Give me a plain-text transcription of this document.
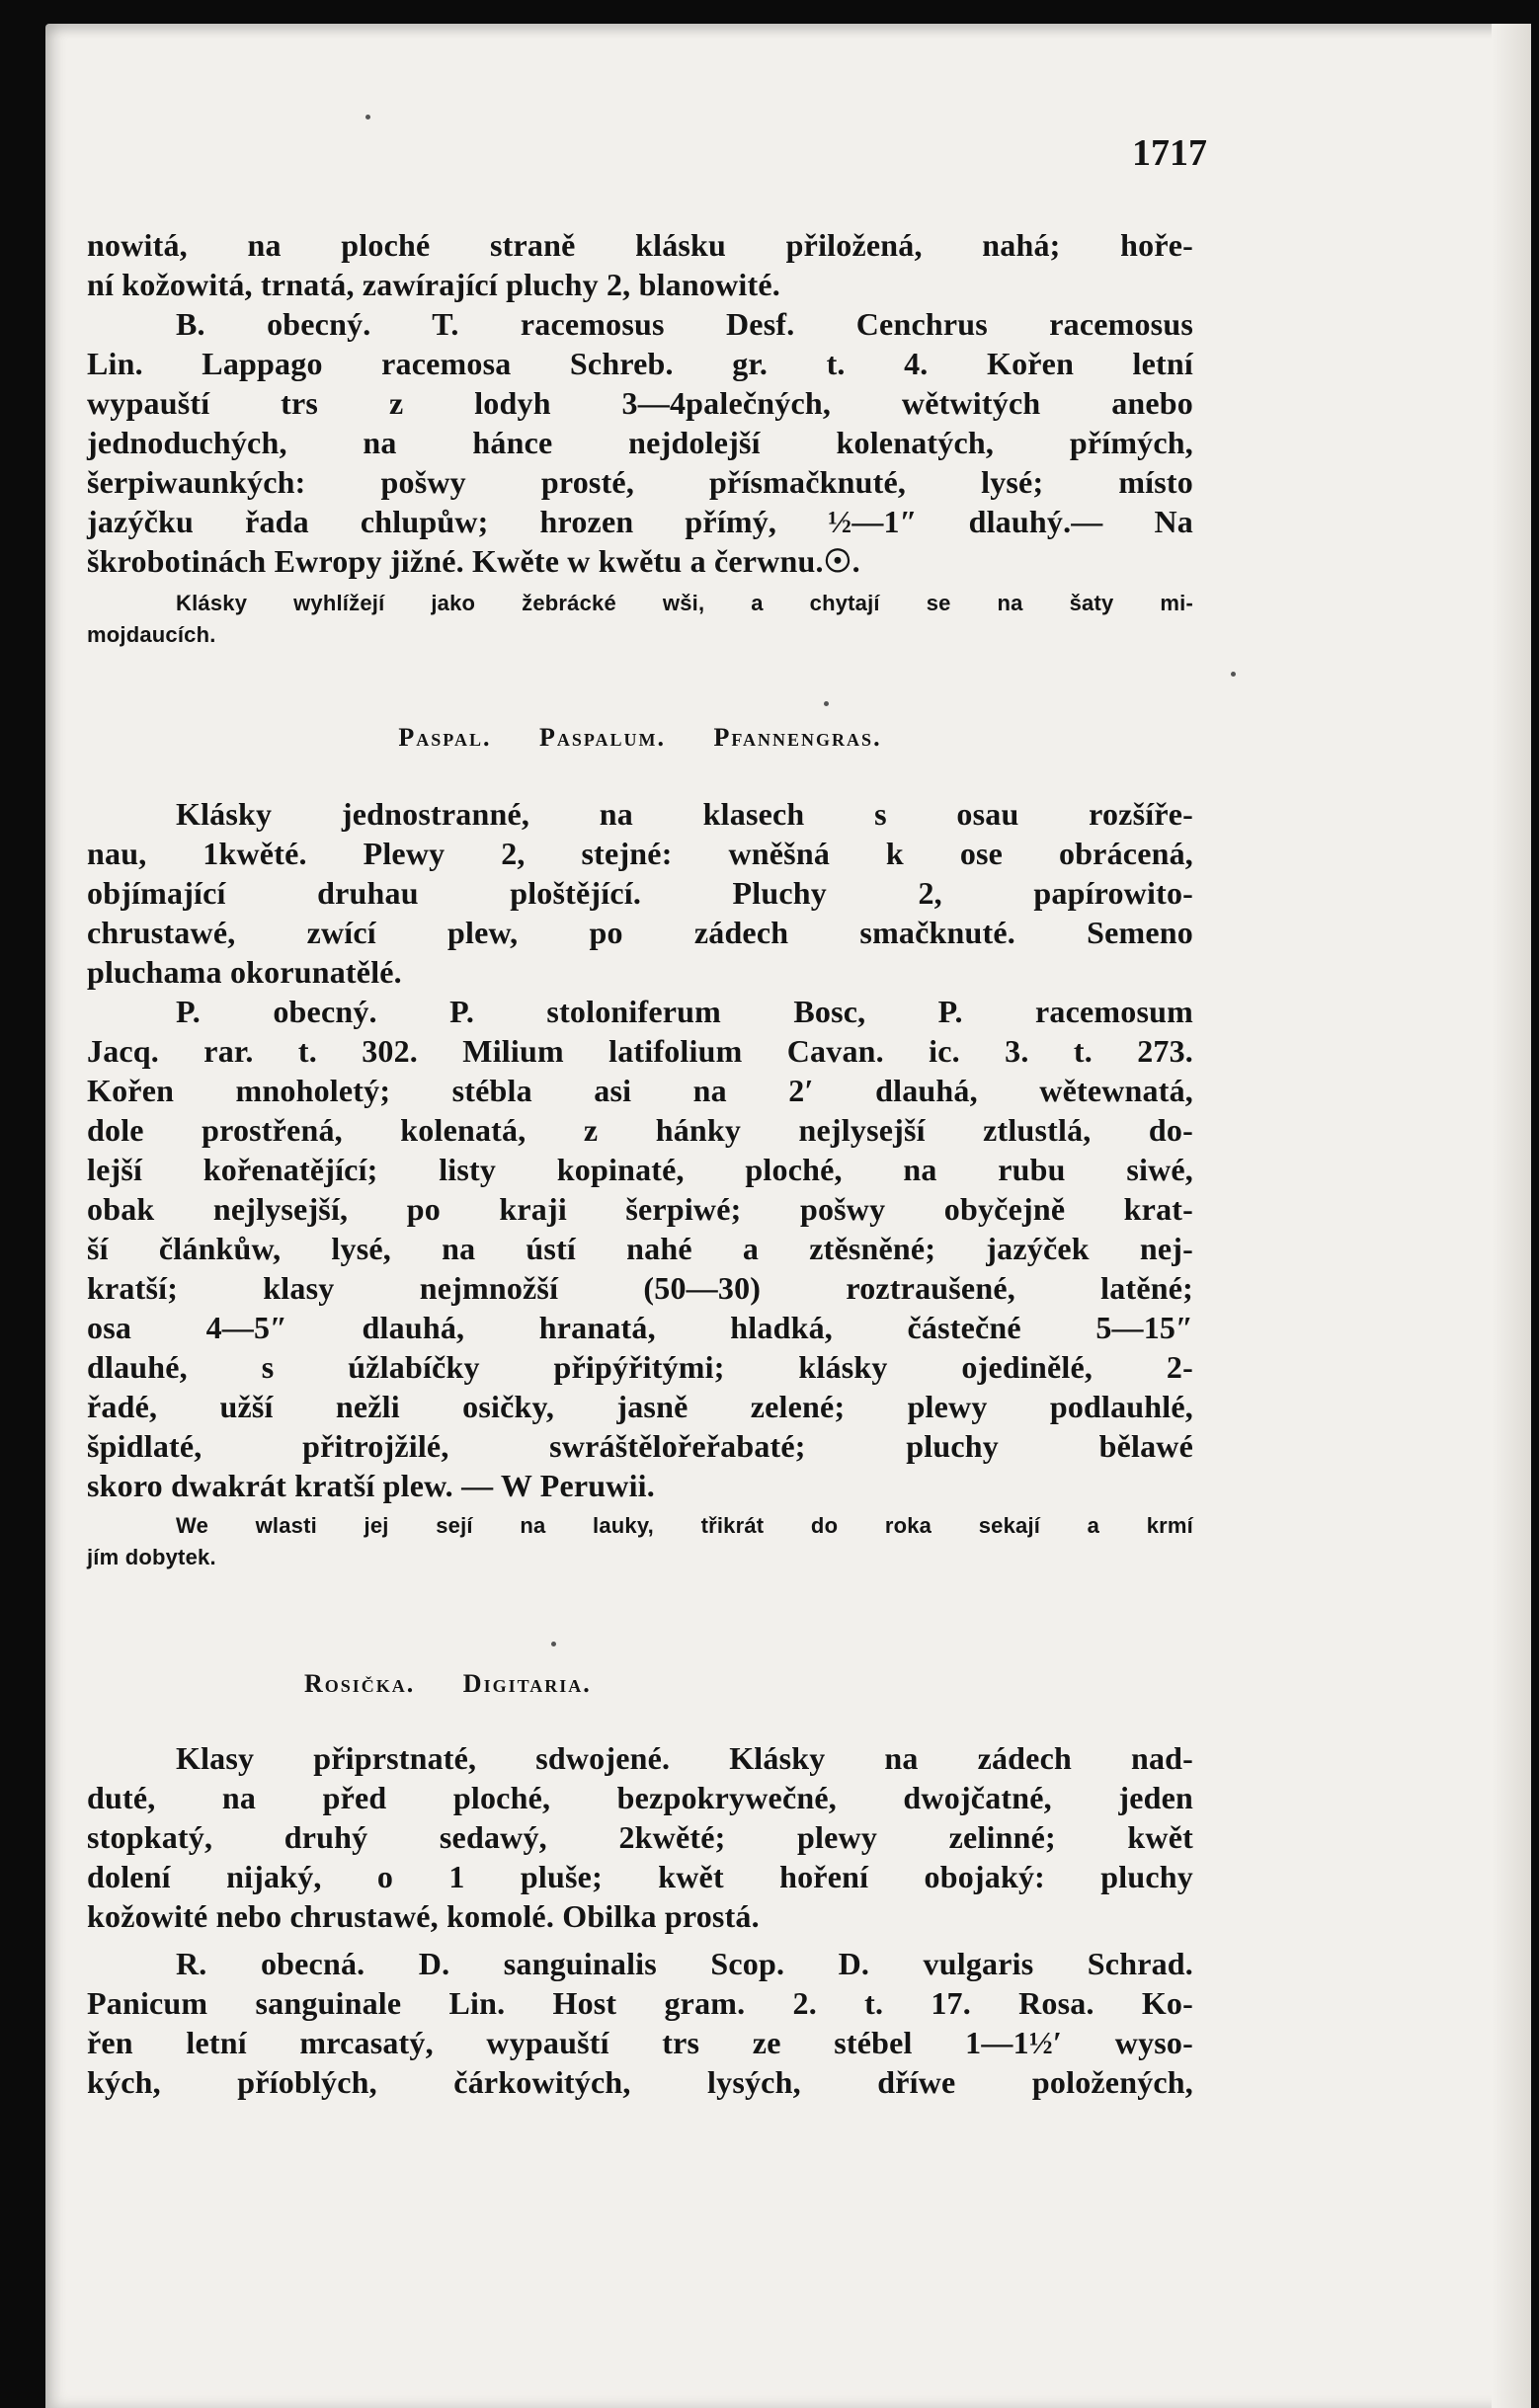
1717
nowitá, na ploché straně klásku přiložená, nahá; hoře-
ní kožowitá, trnatá, zawírající pluchy 2, blanowité.
B. obecný. T. racemosus Desf. Cenchrus racemosus
Lin. Lappago racemosa Schreb. gr. t. 4. Kořen letní
wypauští trs z lodyh 3—4palečných, wětwitých anebo
jednoduchých, na hánce nejdolejší kolenatých, přímých,
šerpiwaunkých: pošwy prosté, přísmačknuté, lysé; místo
jazýčku řada chlupůw; hrozen přímý, ½—1″ dlauhý.— Na
škrobotinách Ewropy jižné. Kwěte w kwětu a čerwnu.☉.
Klásky wyhlížejí jako žebrácké wši, a chytají se na šaty mi-
mojdaucích.
Paspal. Paspalum. Pfannengras.
Klásky jednostranné, na klasech s osau rozšíře-
nau, 1kwěté. Plewy 2, stejné: wněšná k ose obrácená,
objímající druhau ploštějící. Pluchy 2, papírowito-
chrustawé, zwící plew, po zádech smačknuté. Semeno
pluchama okorunatělé.
P. obecný. P. stoloniferum Bosc, P. racemosum
Jacq. rar. t. 302. Milium latifolium Cavan. ic. 3. t. 273.
Kořen mnoholetý; stébla asi na 2′ dlauhá, wětewnatá,
dole prostřená, kolenatá, z hánky nejlysejší ztlustlá, do-
lejší kořenatějící; listy kopinaté, ploché, na rubu siwé,
obak nejlysejší, po kraji šerpiwé; pošwy obyčejně krat-
ší článkůw, lysé, na ústí nahé a ztěsněné; jazýček nej-
kratší; klasy nejmnožší (50—30) roztraušené, latěné;
osa 4—5″ dlauhá, hranatá, hladká, částečné 5—15″
dlauhé, s úžlabíčky připýřitými; klásky ojedinělé, 2-
řadé, užší nežli osičky, jasně zelené; plewy podlauhlé,
špidlaté, přitrojžilé, swráštělořeřabaté; pluchy bělawé
skoro dwakrát kratší plew. — W Peruwii.
We wlasti jej sejí na lauky, třikrát do roka sekají a krmí
jím dobytek.
Rosička. Digitaria.
Klasy připrstnaté, sdwojené. Klásky na zádech nad-
duté, na před ploché, bezpokrywečné, dwojčatné, jeden
stopkatý, druhý sedawý, 2kwěté; plewy zelinné; kwět
dolení nijaký, o 1 pluše; kwět hoření obojaký: pluchy
kožowité nebo chrustawé, komolé. Obilka prostá.
R. obecná. D. sanguinalis Scop. D. vulgaris Schrad.
Panicum sanguinale Lin. Host gram. 2. t. 17. Rosa. Ko-
řen letní mrcasatý, wypauští trs ze stébel 1—1½′ wyso-
kých, příoblých, čárkowitých, lysých, dříwe položených,
